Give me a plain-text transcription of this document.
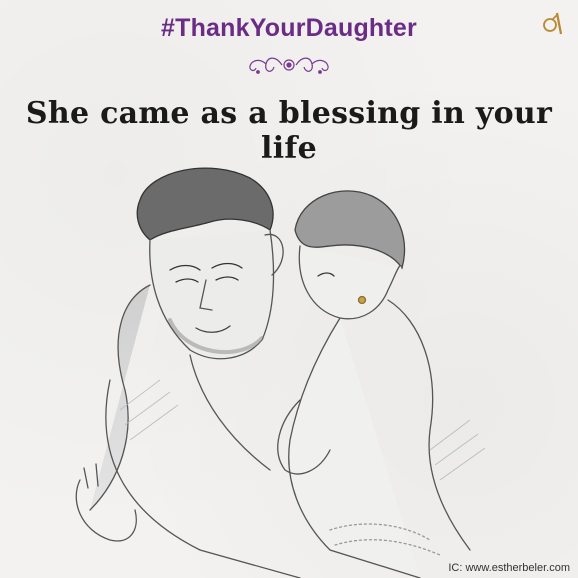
#ThankYourDaughter
She came as a blessing in your life
IC: www.estherbeler.com
